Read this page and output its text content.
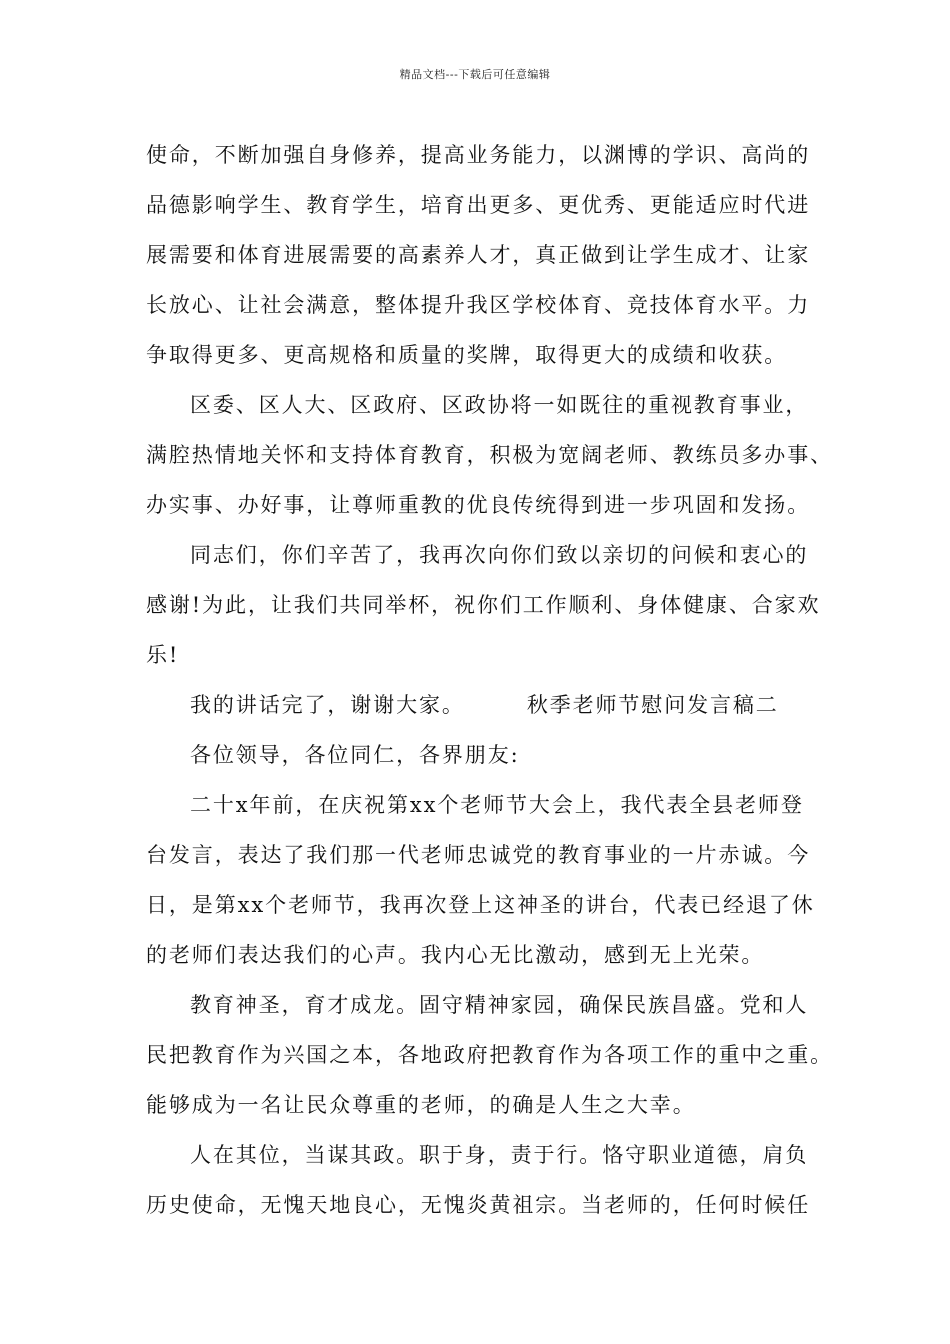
精品文档---下载后可任意编辑
使命，不断加强自身修养，提高业务能力，以渊博的学识、高尚的
品德影响学生、教育学生，培育出更多、更优秀、更能适应时代进
展需要和体育进展需要的高素养人才，真正做到让学生成才、让家
长放心、让社会满意，整体提升我区学校体育、竞技体育水平。力
争取得更多、更高规格和质量的奖牌，取得更大的成绩和收获。
区委、区人大、区政府、区政协将一如既往的重视教育事业，
满腔热情地关怀和支持体育教育，积极为宽阔老师、教练员多办事、
办实事、办好事，让尊师重教的优良传统得到进一步巩固和发扬。
同志们，你们辛苦了，我再次向你们致以亲切的问候和衷心的
感谢!为此，让我们共同举杯，祝你们工作顺利、身体健康、合家欢
乐!
我的讲话完了，谢谢大家。	秋季老师节慰问发言稿二
各位领导，各位同仁，各界朋友:
二十x年前，在庆祝第xx个老师节大会上，我代表全县老师登
台发言，表达了我们那一代老师忠诚党的教育事业的一片赤诚。今
日，是第xx个老师节，我再次登上这神圣的讲台，代表已经退了休
的老师们表达我们的心声。我内心无比激动，感到无上光荣。
教育神圣，育才成龙。固守精神家园，确保民族昌盛。党和人
民把教育作为兴国之本，各地政府把教育作为各项工作的重中之重。
能够成为一名让民众尊重的老师，的确是人生之大幸。
人在其位，当谋其政。职于身，责于行。恪守职业道德，肩负
历史使命，无愧天地良心，无愧炎黄祖宗。当老师的，任何时候任
